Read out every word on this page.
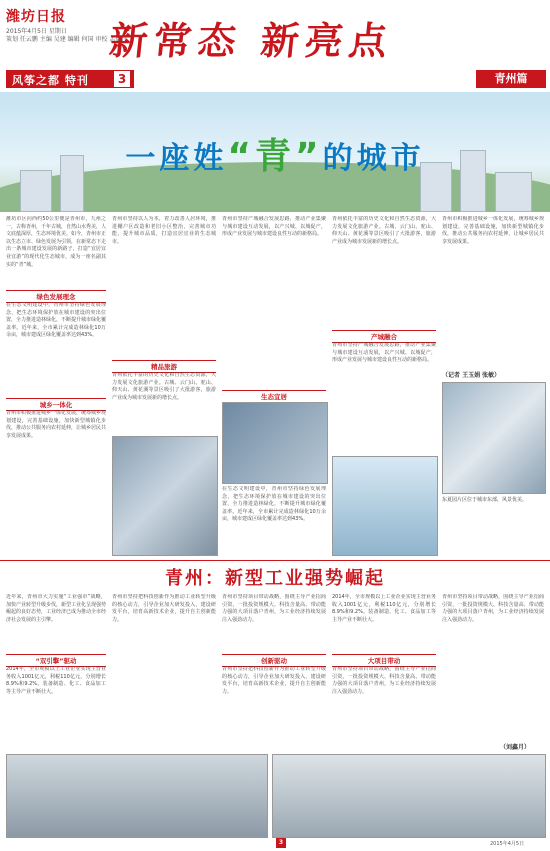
潍坊日报
2015年4月5日 星期日
策划 任云鹏 主编 吴建 编辑 何国 审校 孟璐洋
风筝之都 特刊	3
新常态 新亮点
青州篇
一座姓“青”的城市
潍坊市区向西约50公里便是青州市，九州之一，古称青州，千年古城，自然山水秀美，人文底蕴深厚，生态环境优美。如今，青州市正以生态立市、绿色发展为引领，在新常态下走出一条城市建设发展的新路子，打造“宜居宜业宜游”的现代化生态城市，成为一座名副其实的“青”城。
绿色发展理念
在生态文明建设中，青州市坚持绿色发展理念，把生态环境保护放在城市建设的突出位置，全力推进造林绿化，不断提升城市绿化覆盖率。近年来，全市累计完成造林绿化10万余亩，城市建成区绿化覆盖率达到43%。
城乡一体化
青州市积极推进城乡一体化发展，统筹城乡规划建设，完善基础设施，加快新型城镇化步伐，推动公共服务向农村延伸，让城乡居民共享发展成果。
青州市坚持以人为本，着力改善人居环境，推进棚户区改造和老旧小区整治，完善城市功能，提升城市品质，打造宜居宜业的生态城市。
精品旅游
青州依托丰富的历史文化和自然生态资源，大力发展文化旅游产业。古城、云门山、驼山、仰天山、黄花溪等景区吸引了大批游客，旅游产业成为城市发展新的增长点。
青州市坚持产城融合发展思路，推动产业集聚与城市建设互动发展，以产兴城、以城促产，形成产业发展与城市建设良性互动的新格局。
生态宜居
在生态文明建设中，青州市坚持绿色发展理念，把生态环境保护放在城市建设的突出位置，全力推进造林绿化，不断提升城市绿化覆盖率。近年来，全市累计完成造林绿化10万余亩，城市建成区绿化覆盖率达到43%。
青州依托丰富的历史文化和自然生态资源，大力发展文化旅游产业。古城、云门山、驼山、仰天山、黄花溪等景区吸引了大批游客，旅游产业成为城市发展新的增长点。
产城融合
青州市坚持产城融合发展思路，推动产业集聚与城市建设互动发展，以产兴城、以城促产，形成产业发展与城市建设良性互动的新格局。
青州市积极推进城乡一体化发展，统筹城乡规划建设，完善基础设施，加快新型城镇化步伐，推动公共服务向农村延伸，让城乡居民共享发展成果。
（记者 王玉娟 张敏）
东夏园片区位于城市东部，风景优美。
青州：新型工业强势崛起
近年来，青州市大力实施“工业强市”战略，加快产业转型升级步伐，新型工业化呈现强势崛起的良好态势，工业经济已成为推动全市经济社会发展的主引擎。
“双引擎”驱动
2014年，全市规模以上工业企业实现主营业务收入1001亿元，利税110亿元，分别增长8.9%和9.2%。装备制造、化工、食品加工等主导产业不断壮大。
青州市坚持把科技创新作为推动工业转型升级的核心动力，引导企业加大研发投入，建设研发平台，培育高新技术企业，提升自主创新能力。
青州市坚持项目带动战略，围绕主导产业招商引资，一批投资规模大、科技含量高、带动能力强的大项目落户青州，为工业经济持续发展注入强劲动力。
创新驱动
青州市坚持把科技创新作为推动工业转型升级的核心动力，引导企业加大研发投入，建设研发平台，培育高新技术企业，提升自主创新能力。
2014年，全市规模以上工业企业实现主营业务收入1001亿元，利税110亿元，分别增长8.9%和9.2%。装备制造、化工、食品加工等主导产业不断壮大。
大项目带动
青州市坚持项目带动战略，围绕主导产业招商引资，一批投资规模大、科技含量高、带动能力强的大项目落户青州，为工业经济持续发展注入强劲动力。
青州市坚持项目带动战略，围绕主导产业招商引资，一批投资规模大、科技含量高、带动能力强的大项目落户青州，为工业经济持续发展注入强劲动力。
（刘鑫月）
3	2015年4月5日
